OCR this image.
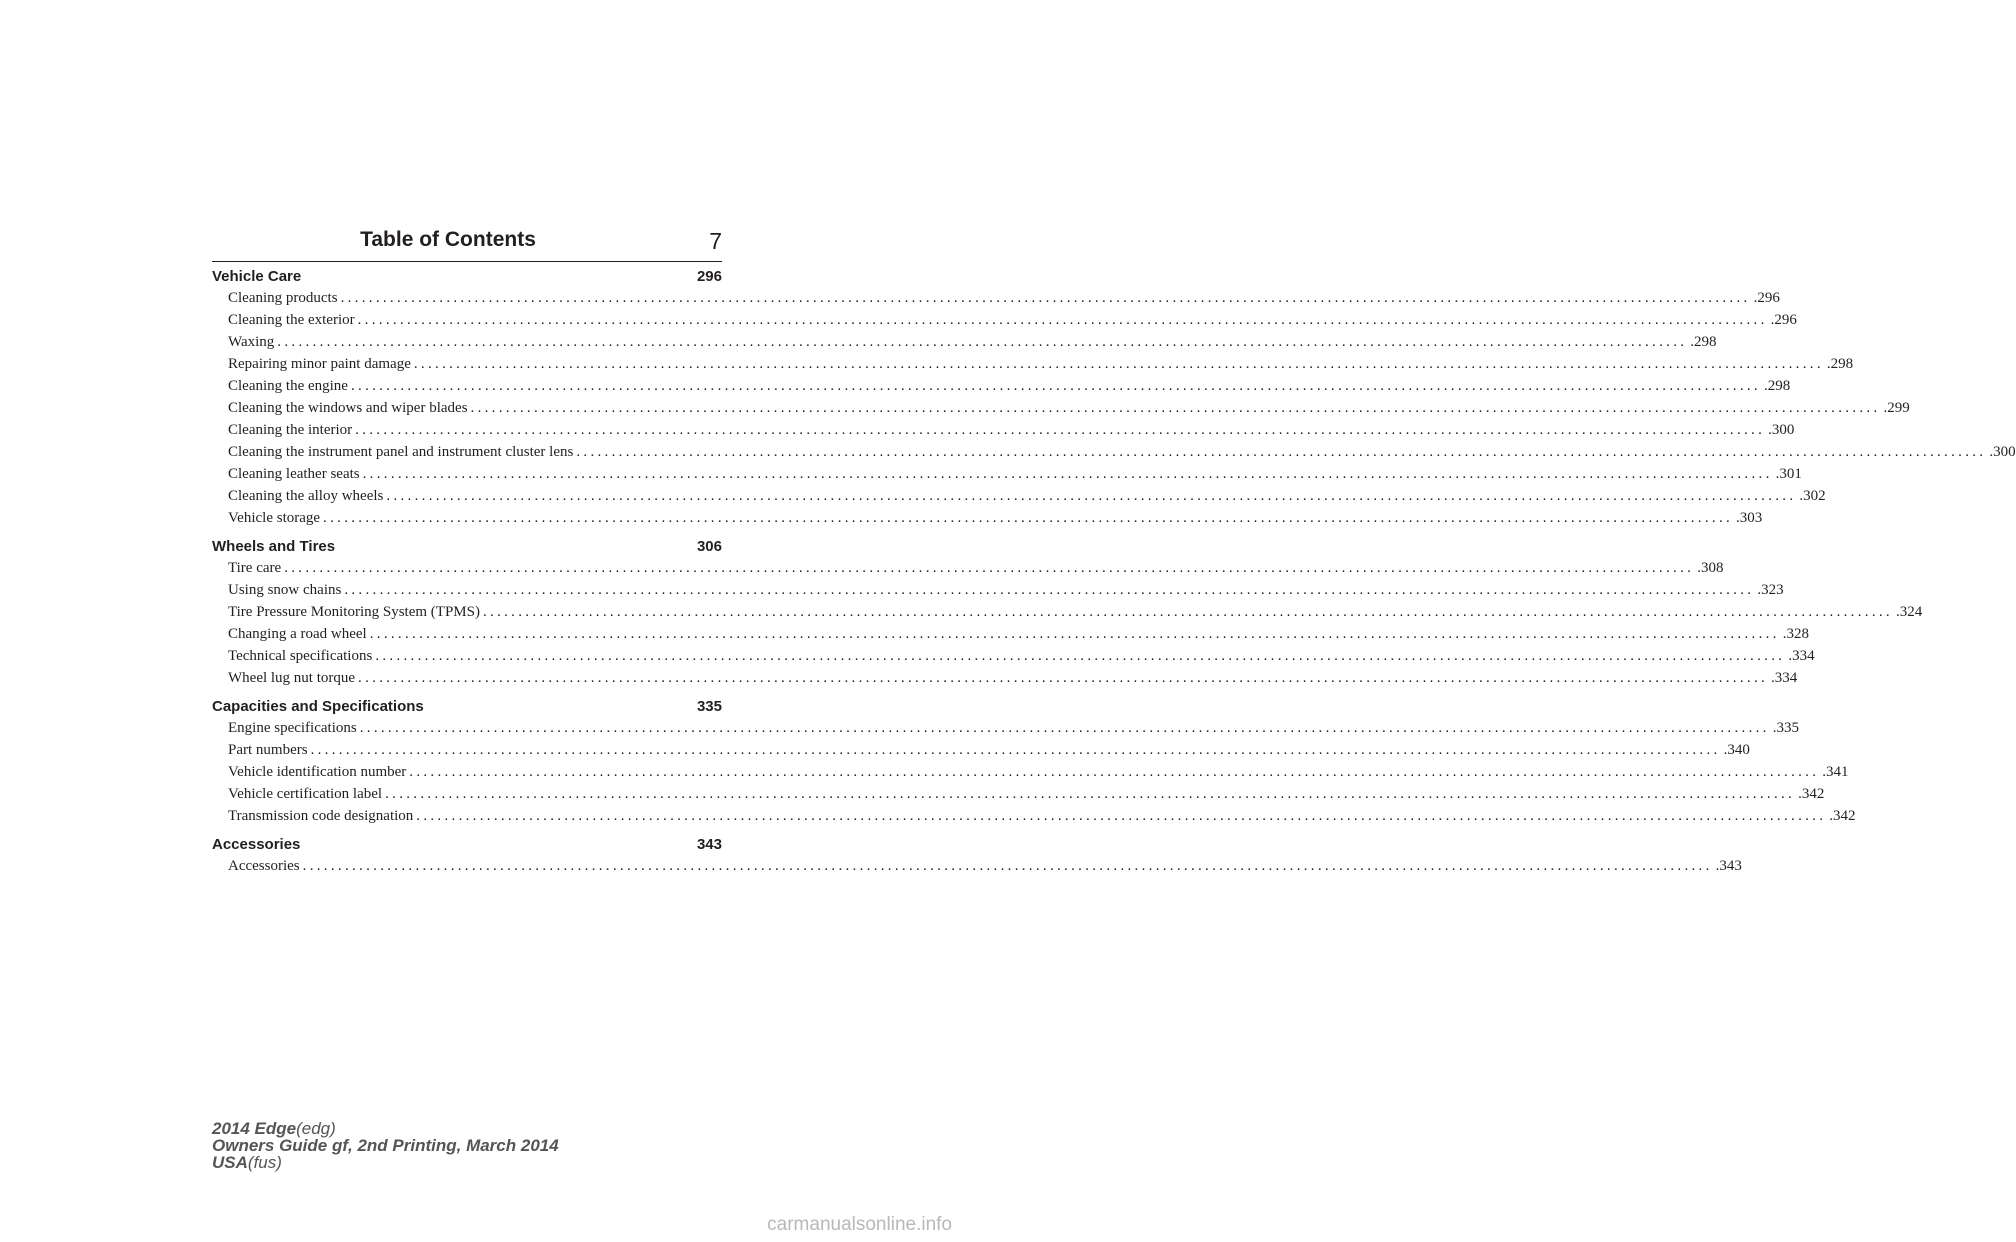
Table of Contents	7
Vehicle Care	296
Cleaning products ........................................................................................................................................................................................................ .296
Cleaning the exterior ........................................................................................................................................................................................................ .296
Waxing ........................................................................................................................................................................................................ .298
Repairing minor paint damage ........................................................................................................................................................................................................ .298
Cleaning the engine ........................................................................................................................................................................................................ .298
Cleaning the windows and wiper blades ........................................................................................................................................................................................................ .299
Cleaning the interior ........................................................................................................................................................................................................ .300
Cleaning the instrument panel and instrument cluster lens ........................................................................................................................................................................................................ .300
Cleaning leather seats ........................................................................................................................................................................................................ .301
Cleaning the alloy wheels ........................................................................................................................................................................................................ .302
Vehicle storage ........................................................................................................................................................................................................ .303
Wheels and Tires	306
Tire care ........................................................................................................................................................................................................ .308
Using snow chains ........................................................................................................................................................................................................ .323
Tire Pressure Monitoring System (TPMS) ........................................................................................................................................................................................................ .324
Changing a road wheel ........................................................................................................................................................................................................ .328
Technical specifications ........................................................................................................................................................................................................ .334
Wheel lug nut torque ........................................................................................................................................................................................................ .334
Capacities and Specifications	335
Engine specifications ........................................................................................................................................................................................................ .335
Part numbers ........................................................................................................................................................................................................ .340
Vehicle identification number ........................................................................................................................................................................................................ .341
Vehicle certification label ........................................................................................................................................................................................................ .342
Transmission code designation ........................................................................................................................................................................................................ .342
Accessories	343
Accessories ........................................................................................................................................................................................................ .343
2014 Edge(edg)
Owners Guide gf, 2nd Printing, March 2014
USA(fus)
carmanualsonline.info
